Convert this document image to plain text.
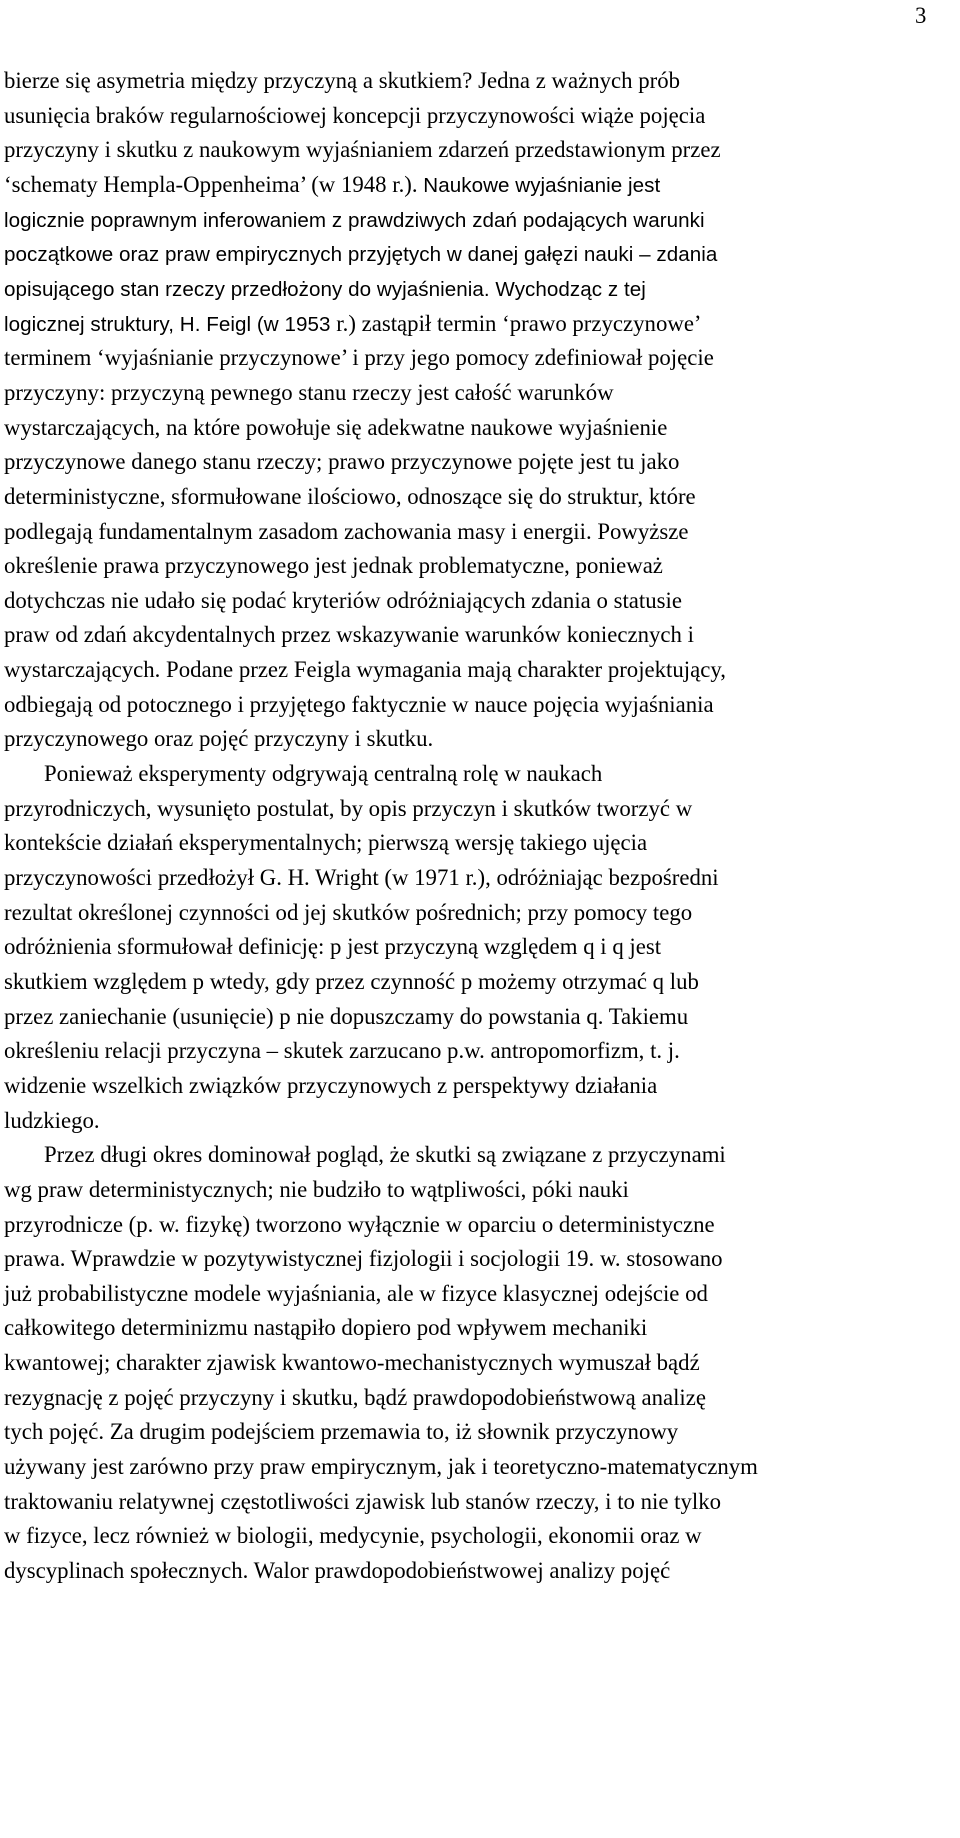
3
bierze się asymetria między przyczyną a skutkiem? Jedna z ważnych prób
usunięcia braków regularnościowej koncepcji przyczynowości wiąże pojęcia
przyczyny i skutku z naukowym wyjaśnianiem zdarzeń przedstawionym przez
‘schematy Hempla-Oppenheima’ (w 1948 r.). Naukowe wyjaśnianie jest
logicznie poprawnym inferowaniem z prawdziwych zdań podających warunki
początkowe oraz praw empirycznych przyjętych w danej gałęzi nauki – zdania
opisującego stan rzeczy przedłożony do wyjaśnienia. Wychodząc z tej
logicznej struktury, H. Feigl (w 1953 r.) zastąpił termin ‘prawo przyczynowe’
terminem ‘wyjaśnianie przyczynowe’ i przy jego pomocy zdefiniował pojęcie
przyczyny: przyczyną pewnego stanu rzeczy jest całość warunków
wystarczających, na które powołuje się adekwatne naukowe wyjaśnienie
przyczynowe danego stanu rzeczy; prawo przyczynowe pojęte jest tu jako
deterministyczne, sformułowane ilościowo, odnoszące się do struktur, które
podlegają fundamentalnym zasadom zachowania masy i energii. Powyższe
określenie prawa przyczynowego jest jednak problematyczne, ponieważ
dotychczas nie udało się podać kryteriów odróżniających zdania o statusie
praw od zdań akcydentalnych przez wskazywanie warunków koniecznych i
wystarczających. Podane przez Feigla wymagania mają charakter projektujący,
odbiegają od potocznego i przyjętego faktycznie w nauce pojęcia wyjaśniania
przyczynowego oraz pojęć przyczyny i skutku.
Ponieważ eksperymenty odgrywają centralną rolę w naukach
przyrodniczych, wysunięto postulat, by opis przyczyn i skutków tworzyć w
kontekście działań eksperymentalnych; pierwszą wersję takiego ujęcia
przyczynowości przedłożył G. H. Wright (w 1971 r.), odróżniając bezpośredni
rezultat określonej czynności od jej skutków pośrednich; przy pomocy tego
odróżnienia sformułował definicję: p jest przyczyną względem q i q jest
skutkiem względem p wtedy, gdy przez czynność p możemy otrzymać q lub
przez zaniechanie (usunięcie) p nie dopuszczamy do powstania q. Takiemu
określeniu relacji przyczyna – skutek zarzucano p.w. antropomorfizm, t. j.
widzenie wszelkich związków przyczynowych z perspektywy działania
ludzkiego.
Przez długi okres dominował pogląd, że skutki są związane z przyczynami
wg praw deterministycznych; nie budziło to wątpliwości, póki nauki
przyrodnicze (p. w. fizykę) tworzono wyłącznie w oparciu o deterministyczne
prawa. Wprawdzie w pozytywistycznej fizjologii i socjologii 19. w. stosowano
już probabilistyczne modele wyjaśniania, ale w fizyce klasycznej odejście od
całkowitego determinizmu nastąpiło dopiero pod wpływem mechaniki
kwantowej; charakter zjawisk kwantowo-mechanistycznych wymuszał bądź
rezygnację z pojęć przyczyny i skutku, bądź prawdopodobieństwową analizę
tych pojęć. Za drugim podejściem przemawia to, iż słownik przyczynowy
używany jest zarówno przy praw empirycznym, jak i teoretyczno-matematycznym
traktowaniu relatywnej częstotliwości zjawisk lub stanów rzeczy, i to nie tylko
w fizyce, lecz również w biologii, medycynie, psychologii, ekonomii oraz w
dyscyplinach społecznych. Walor prawdopodobieństwowej analizy pojęć
